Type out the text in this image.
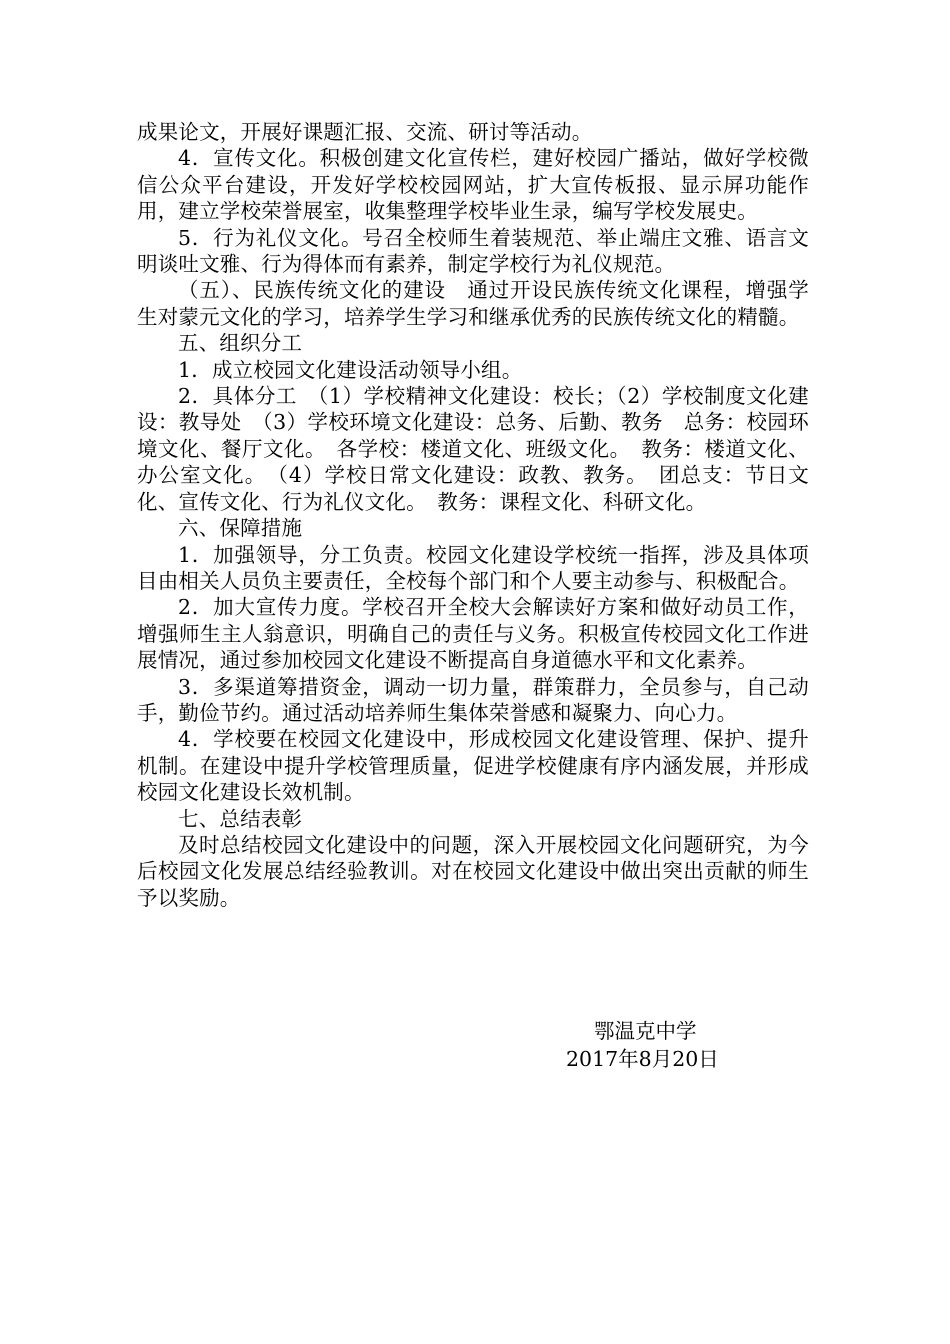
成果论文，开展好课题汇报、交流、研讨等活动。

4．宣传文化。积极创建文化宣传栏，建好校园广播站，做好学校微信公众平台建设，开发好学校校园网站，扩大宣传板报、显示屏功能作用，建立学校荣誉展室，收集整理学校毕业生录，编写学校发展史。

5．行为礼仪文化。号召全校师生着装规范、举止端庄文雅、语言文明谈吐文雅、行为得体而有素养，制定学校行为礼仪规范。

（五）、民族传统文化的建设　通过开设民族传统文化课程，增强学生对蒙元文化的学习，培养学生学习和继承优秀的民族传统文化的精髓。

五、组织分工

1．成立校园文化建设活动领导小组。

2．具体分工　（1）学校精神文化建设：校长；（2）学校制度文化建设：教导处　（3）学校环境文化建设：总务、后勤、教务　总务：校园环境文化、餐厅文化。　各学校：楼道文化、班级文化。　教务：楼道文化、办公室文化。　（4）学校日常文化建设：政教、教务。　团总支：节日文化、宣传文化、行为礼仪文化。　教务：课程文化、科研文化。

六、保障措施

1．加强领导，分工负责。校园文化建设学校统一指挥，涉及具体项目由相关人员负主要责任，全校每个部门和个人要主动参与、积极配合。

2．加大宣传力度。学校召开全校大会解读好方案和做好动员工作，增强师生主人翁意识，明确自己的责任与义务。积极宣传校园文化工作进展情况，通过参加校园文化建设不断提高自身道德水平和文化素养。

3．多渠道筹措资金，调动一切力量，群策群力，全员参与，自己动手，勤俭节约。通过活动培养师生集体荣誉感和凝聚力、向心力。

4．学校要在校园文化建设中，形成校园文化建设管理、保护、提升机制。在建设中提升学校管理质量，促进学校健康有序内涵发展，并形成校园文化建设长效机制。

七、总结表彰

及时总结校园文化建设中的问题，深入开展校园文化问题研究，为今后校园文化发展总结经验教训。对在校园文化建设中做出突出贡献的师生予以奖励。

鄂温克中学
2017年8月20日
